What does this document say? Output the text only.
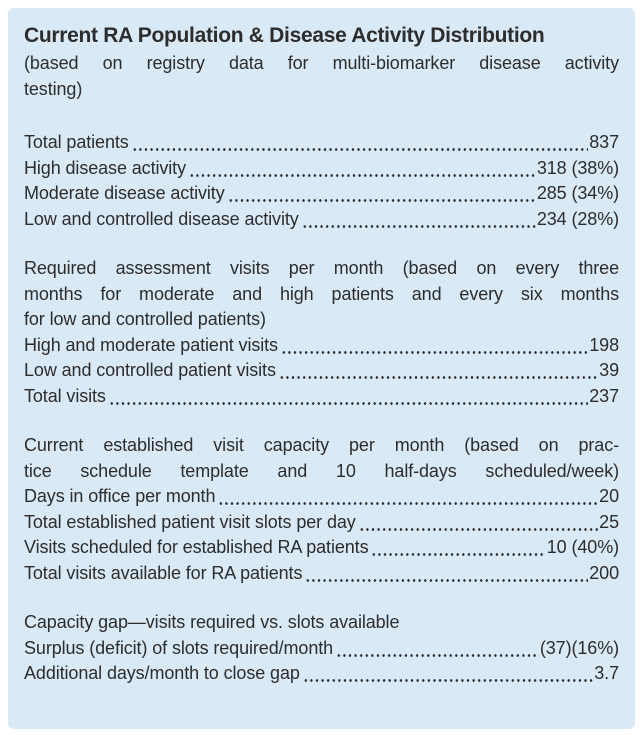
Current RA Population & Disease Activity Distribution
(based on registry data for multi-biomarker disease activity
testing)
Total patients	837
High disease activity	318 (38%)
Moderate disease activity	285 (34%)
Low and controlled disease activity	234 (28%)
Required assessment visits per month (based on every three
months for moderate and high patients and every six months
for low and controlled patients)
High and moderate patient visits	198
Low and controlled patient visits	39
Total visits	237
Current established visit capacity per month (based on prac-
tice schedule template and 10 half-days scheduled/week)
Days in office per month	20
Total established patient visit slots per day	25
Visits scheduled for established RA patients	10 (40%)
Total visits available for RA patients	200
Capacity gap—visits required vs. slots available
Surplus (deficit) of slots required/month	(37)(16%)
Additional days/month to close gap	3.7
